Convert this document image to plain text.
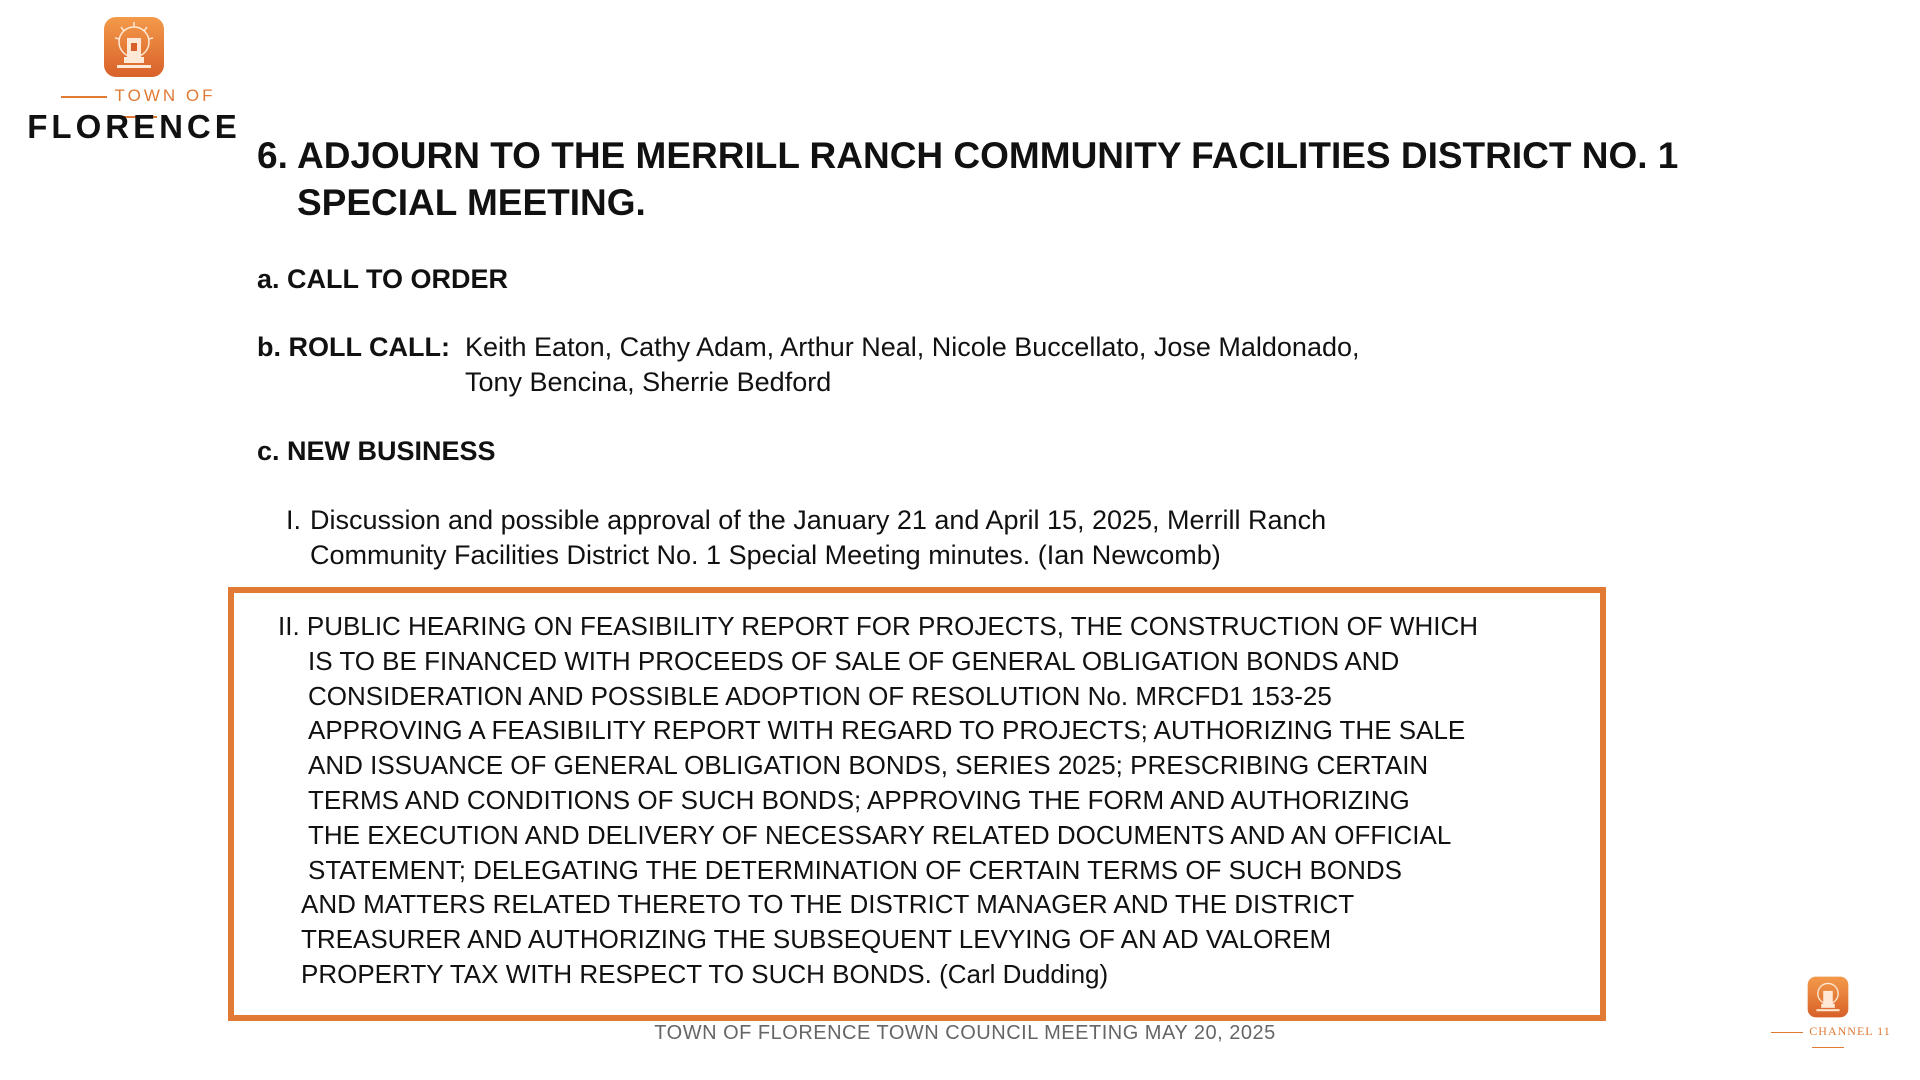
TOWN OF
FLORENCE
6. ADJOURN TO THE MERRILL RANCH COMMUNITY FACILITIES DISTRICT NO. 1
SPECIAL MEETING.
a. CALL TO ORDER
b. ROLL CALL: Keith Eaton, Cathy Adam, Arthur Neal, Nicole Buccellato, Jose Maldonado,
Tony Bencina, Sherrie Bedford
c. NEW BUSINESS
I. Discussion and possible approval of the January 21 and April 15, 2025, Merrill Ranch
Community Facilities District No. 1 Special Meeting minutes. (Ian Newcomb)
II. PUBLIC HEARING ON FEASIBILITY REPORT FOR PROJECTS, THE CONSTRUCTION OF WHICH
IS TO BE FINANCED WITH PROCEEDS OF SALE OF GENERAL OBLIGATION BONDS AND
CONSIDERATION AND POSSIBLE ADOPTION OF RESOLUTION No. MRCFD1 153-25
APPROVING A FEASIBILITY REPORT WITH REGARD TO PROJECTS; AUTHORIZING THE SALE
AND ISSUANCE OF GENERAL OBLIGATION BONDS, SERIES 2025; PRESCRIBING CERTAIN
TERMS AND CONDITIONS OF SUCH BONDS; APPROVING THE FORM AND AUTHORIZING
THE EXECUTION AND DELIVERY OF NECESSARY RELATED DOCUMENTS AND AN OFFICIAL
STATEMENT; DELEGATING THE DETERMINATION OF CERTAIN TERMS OF SUCH BONDS
AND MATTERS RELATED THERETO TO THE DISTRICT MANAGER AND THE DISTRICT
TREASURER AND AUTHORIZING THE SUBSEQUENT LEVYING OF AN AD VALOREM
PROPERTY TAX WITH RESPECT TO SUCH BONDS. (Carl Dudding)
TOWN OF FLORENCE TOWN COUNCIL MEETING MAY 20, 2025	CHANNEL 11
